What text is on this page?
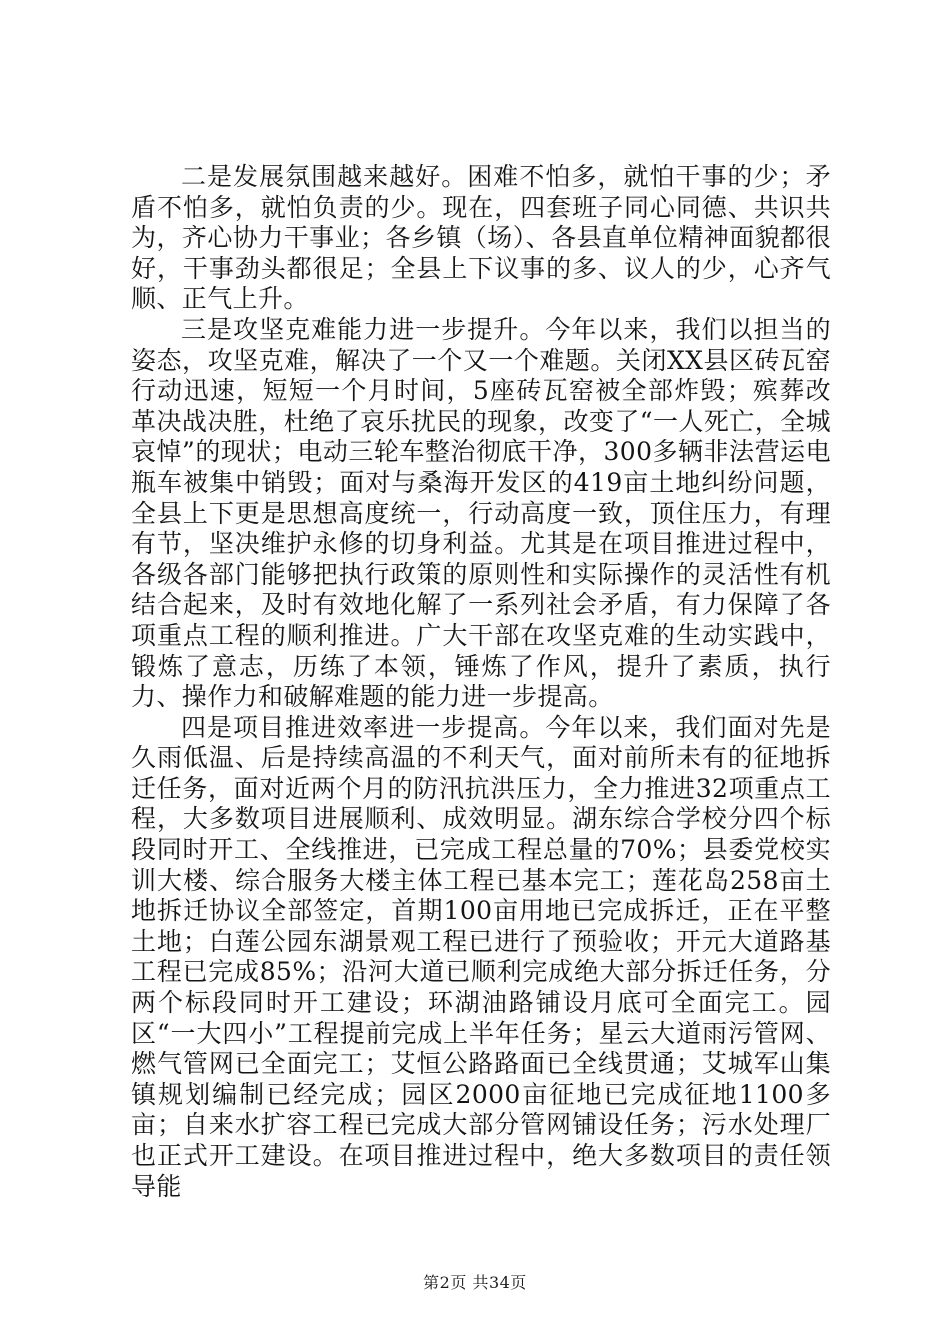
二是发展氛围越来越好。困难不怕多，就怕干事的少；矛盾不怕多，就怕负责的少。现在，四套班子同心同德、共识共为，齐心协力干事业；各乡镇（场）、各县直单位精神面貌都很好，干事劲头都很足；全县上下议事的多、议人的少，心齐气顺、正气上升。

三是攻坚克难能力进一步提升。今年以来，我们以担当的姿态，攻坚克难，解决了一个又一个难题。关闭XX县区砖瓦窑行动迅速，短短一个月时间，5座砖瓦窑被全部炸毁；殡葬改革决战决胜，杜绝了哀乐扰民的现象，改变了“一人死亡，全城哀悼”的现状；电动三轮车整治彻底干净，300多辆非法营运电瓶车被集中销毁；面对与桑海开发区的419亩土地纠纷问题，全县上下更是思想高度统一，行动高度一致，顶住压力，有理有节，坚决维护永修的切身利益。尤其是在项目推进过程中，各级各部门能够把执行政策的原则性和实际操作的灵活性有机结合起来，及时有效地化解了一系列社会矛盾，有力保障了各项重点工程的顺利推进。广大干部在攻坚克难的生动实践中，锻炼了意志，历练了本领，锤炼了作风，提升了素质，执行力、操作力和破解难题的能力进一步提高。

四是项目推进效率进一步提高。今年以来，我们面对先是久雨低温、后是持续高温的不利天气，面对前所未有的征地拆迁任务，面对近两个月的防汛抗洪压力，全力推进32项重点工程，大多数项目进展顺利、成效明显。湖东综合学校分四个标段同时开工、全线推进，已完成工程总量的70%；县委党校实训大楼、综合服务大楼主体工程已基本完工；莲花岛258亩土地拆迁协议全部签定，首期100亩用地已完成拆迁，正在平整土地；白莲公园东湖景观工程已进行了预验收；开元大道路基工程已完成85%；沿河大道已顺利完成绝大部分拆迁任务，分两个标段同时开工建设；环湖油路铺设月底可全面完工。园区“一大四小”工程提前完成上半年任务；星云大道雨污管网、燃气管网已全面完工；艾恒公路路面已全线贯通；艾城军山集镇规划编制已经完成；园区2000亩征地已完成征地1100多亩；自来水扩容工程已完成大部分管网铺设任务；污水处理厂也正式开工建设。在项目推进过程中，绝大多数项目的责任领导能

第2页 共34页
